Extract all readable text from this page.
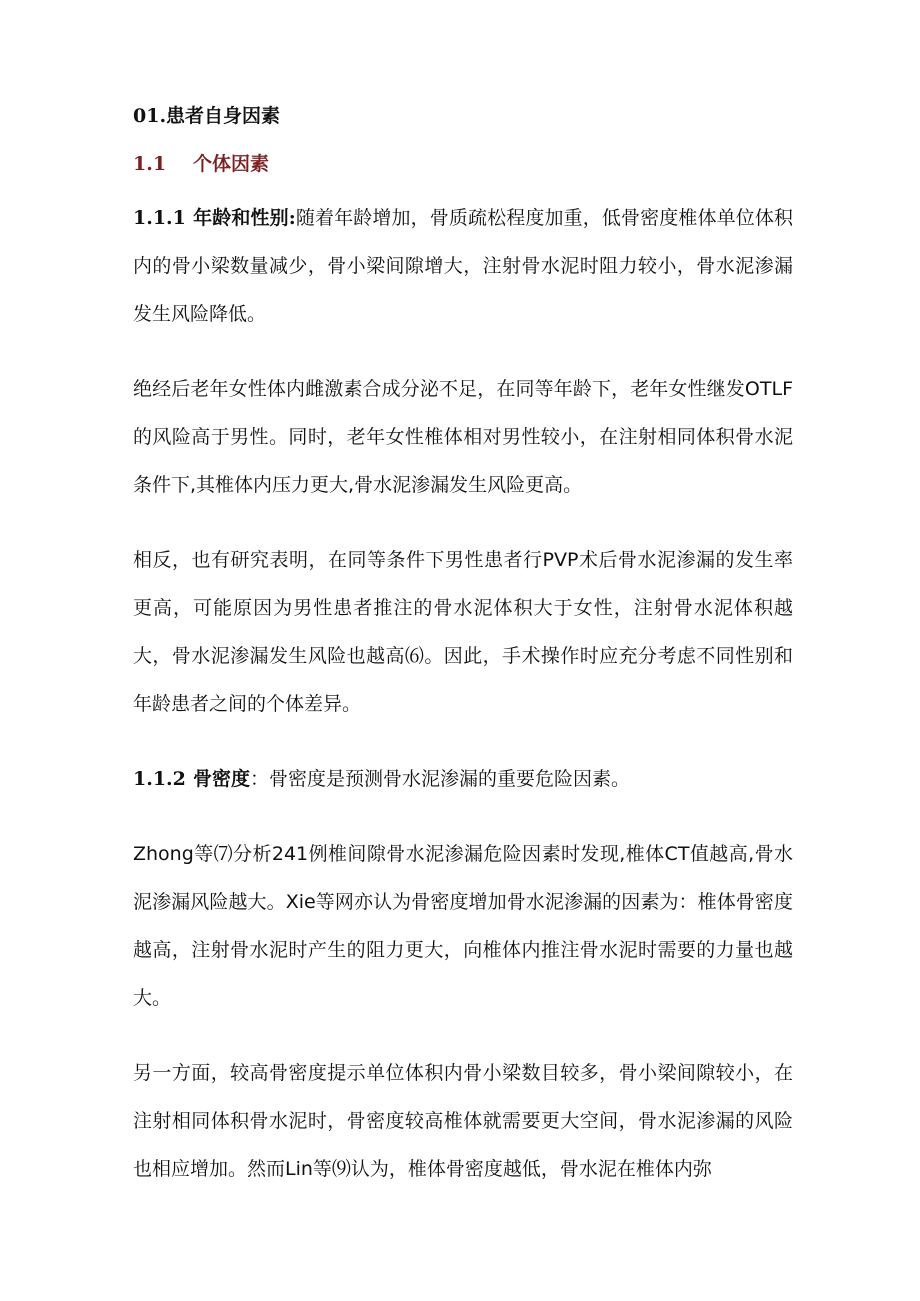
01.患者自身因素
1.1 个体因素

1.1.1 年龄和性别:随着年龄增加，骨质疏松程度加重，低骨密度椎体单位体积内的骨小梁数量减少，骨小梁间隙增大，注射骨水泥时阻力较小，骨水泥渗漏发生风险降低。

绝经后老年女性体内雌激素合成分泌不足，在同等年龄下，老年女性继发OTLF的风险高于男性。同时，老年女性椎体相对男性较小，在注射相同体积骨水泥条件下,其椎体内压力更大,骨水泥渗漏发生风险更高。

相反，也有研究表明，在同等条件下男性患者行PVP术后骨水泥渗漏的发生率更高，可能原因为男性患者推注的骨水泥体积大于女性，注射骨水泥体积越大，骨水泥渗漏发生风险也越高⑹。因此，手术操作时应充分考虑不同性别和年龄患者之间的个体差异。

1.1.2 骨密度：骨密度是预测骨水泥渗漏的重要危险因素。

Zhong等⑺分析241例椎间隙骨水泥渗漏危险因素时发现,椎体CT值越高,骨水泥渗漏风险越大。Xie等网亦认为骨密度增加骨水泥渗漏的因素为：椎体骨密度越高，注射骨水泥时产生的阻力更大，向椎体内推注骨水泥时需要的力量也越大。

另一方面，较高骨密度提示单位体积内骨小梁数目较多，骨小梁间隙较小，在注射相同体积骨水泥时，骨密度较高椎体就需要更大空间，骨水泥渗漏的风险也相应增加。然而Lin等⑼认为，椎体骨密度越低，骨水泥在椎体内弥
